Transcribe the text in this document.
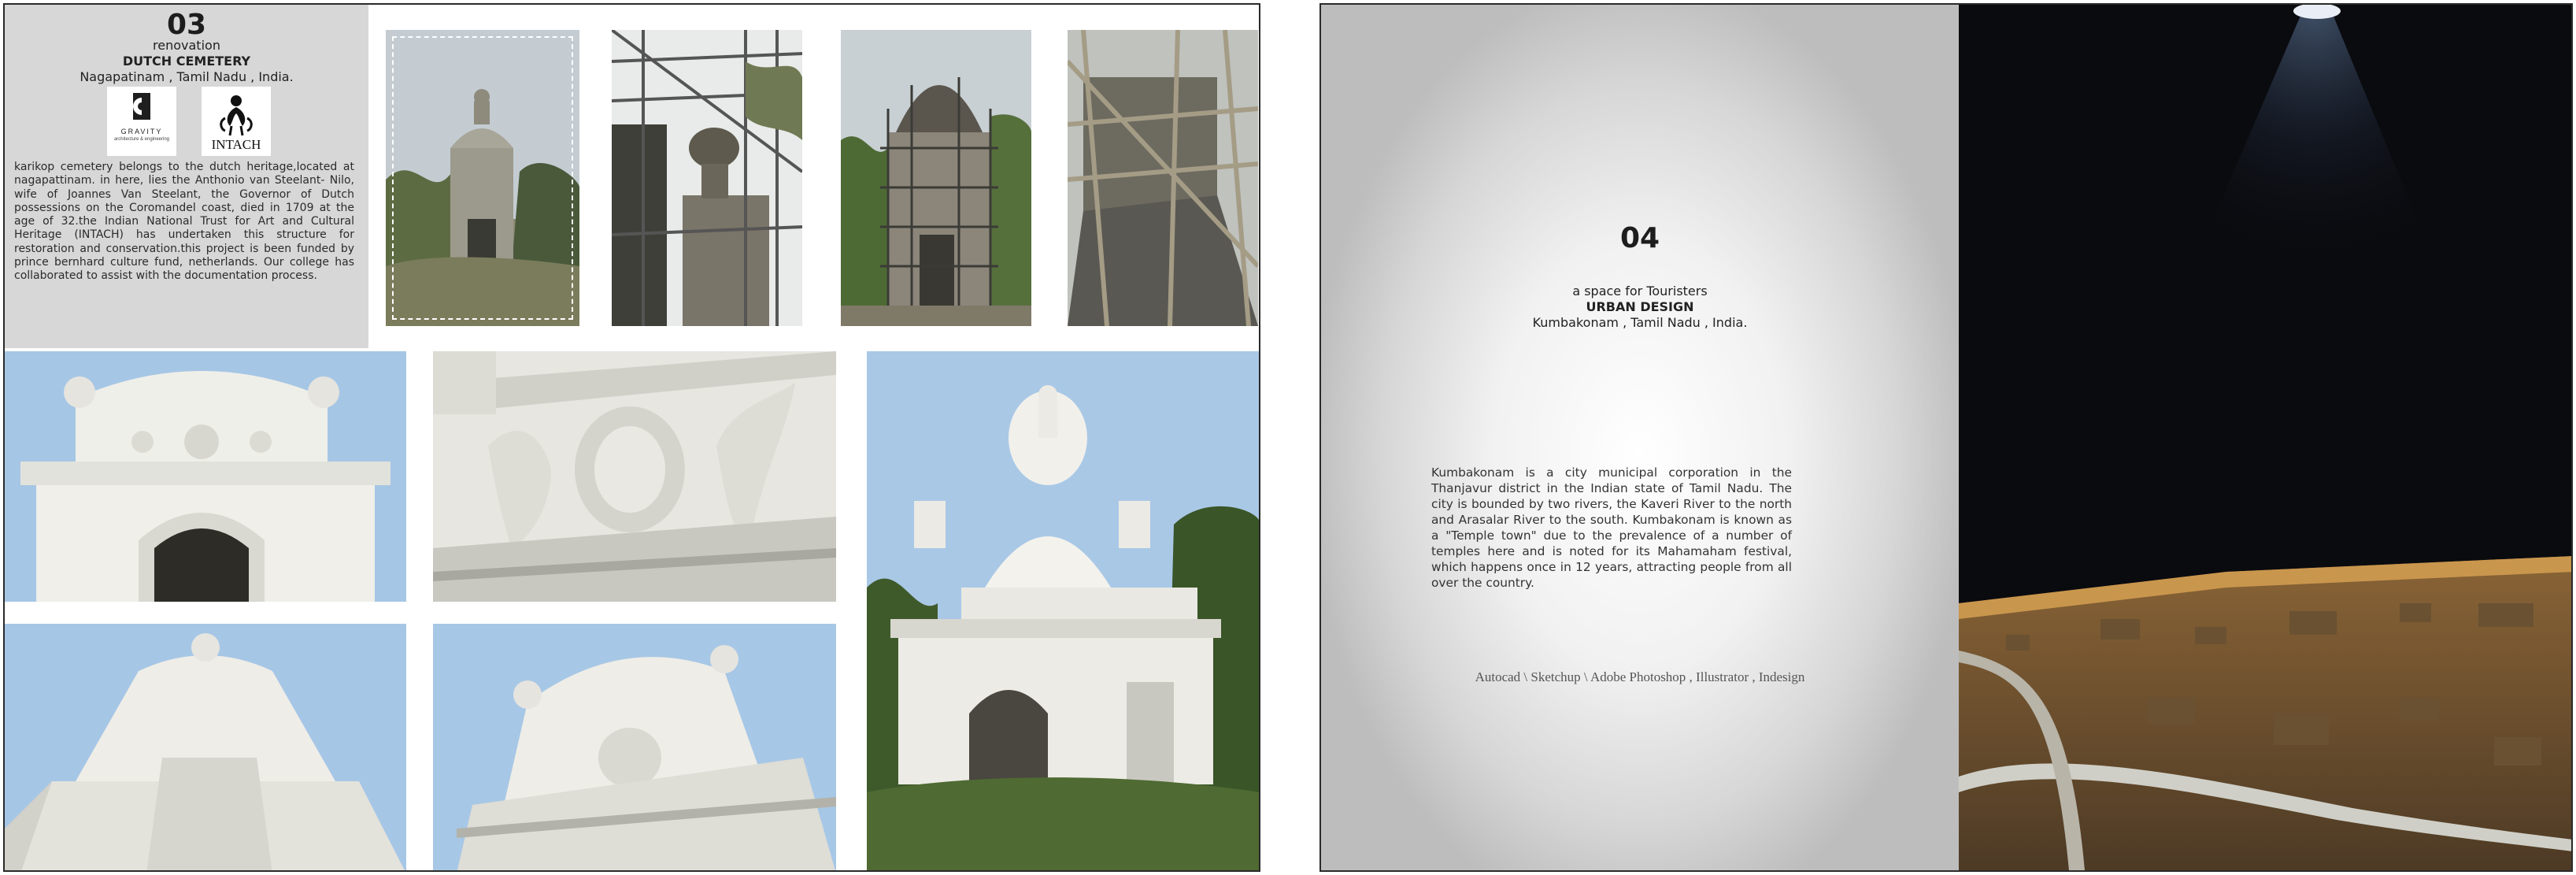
03
renovation
DUTCH CEMETERY
Nagapatinam , Tamil Nadu , India.
GRAVITY
architecture & engineering	INTACH

karikop cemetery belongs to the dutch heritage,located at nagapattinam. in here, lies the Anthonio van Steelant- Nilo, wife of Joannes Van Steelant, the Governor of Dutch possessions on the Coromandel coast, died in 1709 at the age of 32.the Indian National Trust for Art and Cultural Heritage (INTACH) has undertaken this structure for restoration and conservation.this project is been funded by prince bernhard culture fund, netherlands. Our college has collaborated to assist with the documentation process.

04
a space for Touristers
URBAN DESIGN
Kumbakonam , Tamil Nadu , India.

Kumbakonam is a city municipal corporation in the Thanjavur district in the Indian state of Tamil Nadu. The city is bounded by two rivers, the Kaveri River to the north and Arasalar River to the south. Kumbakonam is known as a "Temple town" due to the prevalence of a number of temples here and is noted for its Mahamaham festival, which happens once in 12 years, attracting people from all over the country.

Autocad \ Sketchup \ Adobe Photoshop , Illustrator , Indesign
